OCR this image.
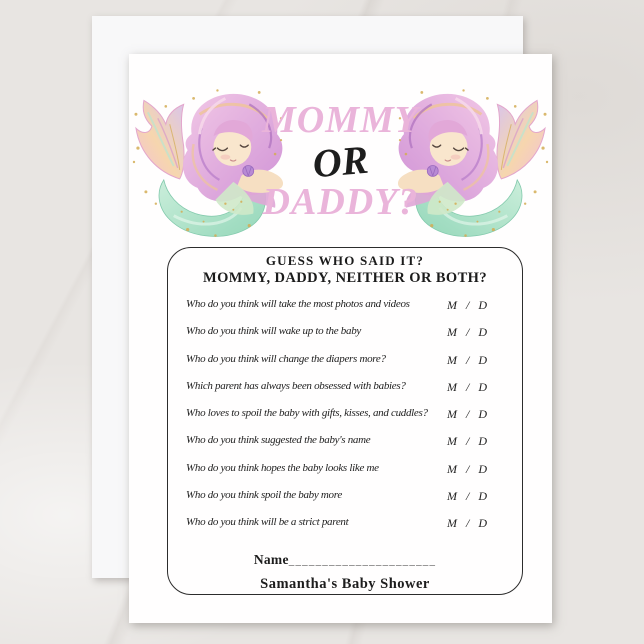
MOMMY
OR
DADDY?
GUESS WHO SAID IT?
MOMMY, DADDY, NEITHER OR BOTH?
Who do you think will take the most photos and videos	M / D
Who do you think will wake up to the baby	M / D
Who do you think will change the diapers more?	M / D
Which parent has always been obsessed with babies?	M / D
Who loves to spoil the baby with gifts, kisses, and cuddles? M / D
Who do you think suggested the baby's name	M / D
Who do you think hopes the baby looks like me	M / D
Who do you think spoil the baby more	M / D
Who do you think will be a strict parent	M / D
Name______________________
Samantha's Baby Shower
